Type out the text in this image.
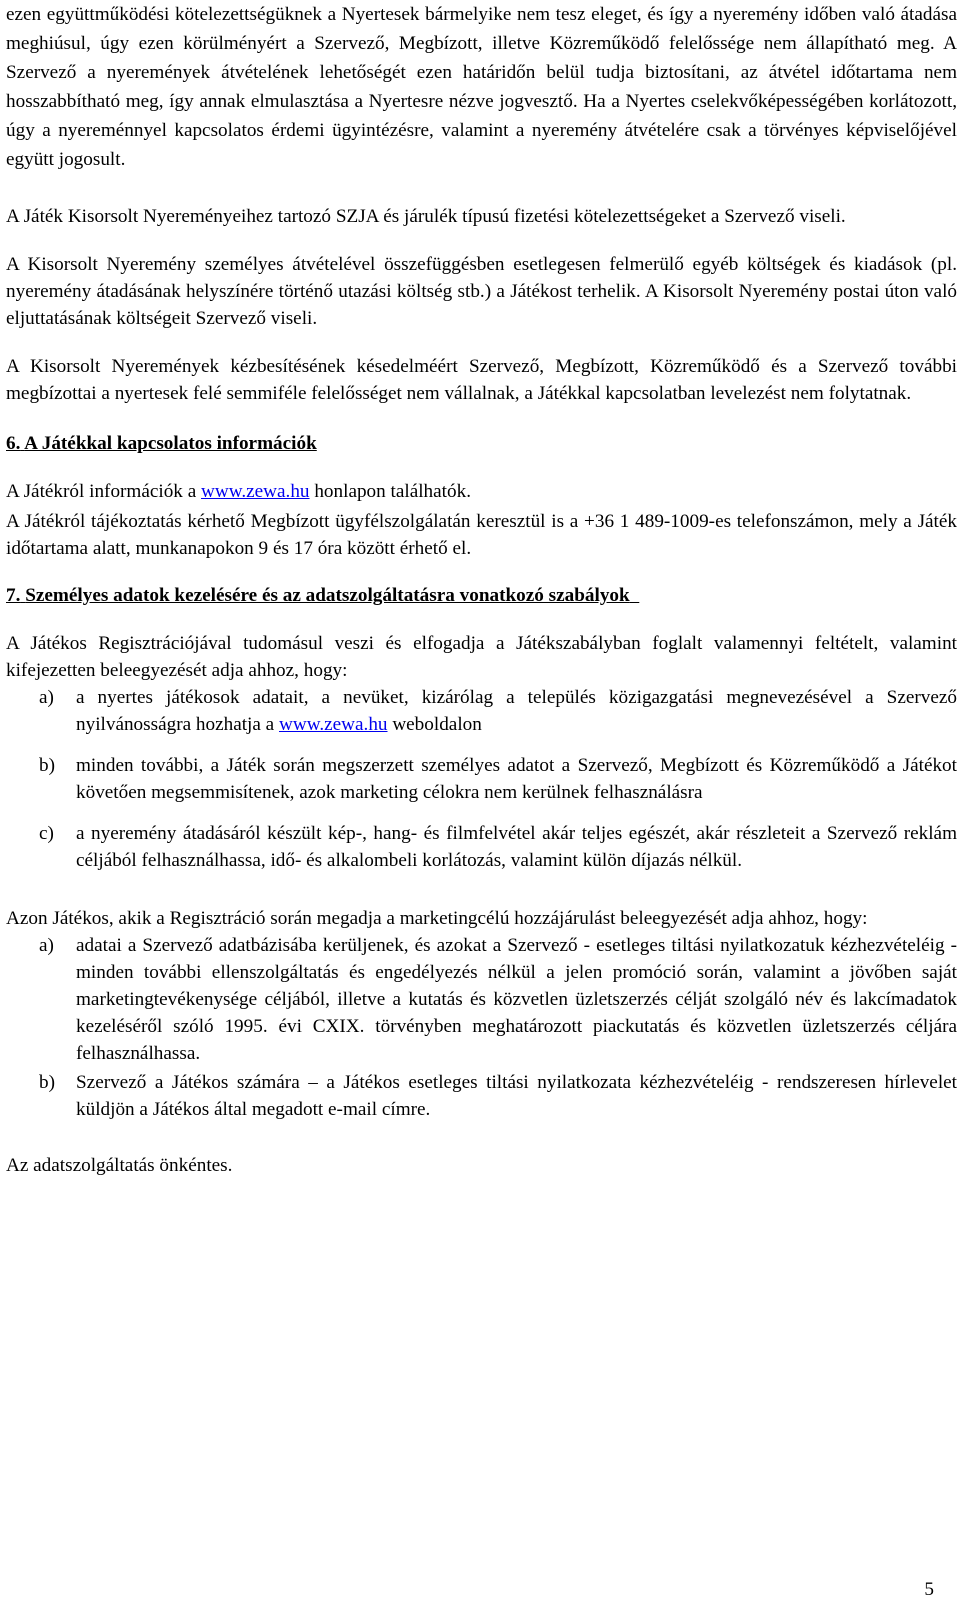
ezen együttműködési kötelezettségüknek a Nyertesek bármelyike nem tesz eleget, és így a nyeremény időben való átadása meghiúsul, úgy ezen körülményért a Szervező, Megbízott, illetve Közreműködő felelőssége nem állapítható meg. A Szervező a nyeremények átvételének lehetőségét ezen határidőn belül tudja biztosítani, az átvétel időtartama nem hosszabbítható meg, így annak elmulasztása a Nyertesre nézve jogvesztő. Ha a Nyertes cselekvőképességében korlátozott, úgy a nyereménnyel kapcsolatos érdemi ügyintézésre, valamint a nyeremény átvételére csak a törvényes képviselőjével együtt jogosult.

A Játék Kisorsolt Nyereményeihez tartozó SZJA és járulék típusú fizetési kötelezettségeket a Szervező viseli.

A Kisorsolt Nyeremény személyes átvételével összefüggésben esetlegesen felmerülő egyéb költségek és kiadások (pl. nyeremény átadásának helyszínére történő utazási költség stb.) a Játékost terhelik. A Kisorsolt Nyeremény postai úton való eljuttatásának költségeit Szervező viseli.

A Kisorsolt Nyeremények kézbesítésének késedelméért Szervező, Megbízott, Közreműködő és a Szervező további megbízottai a nyertesek felé semmiféle felelősséget nem vállalnak, a Játékkal kapcsolatban levelezést nem folytatnak.

6. A Játékkal kapcsolatos információk

A Játékról információk a www.zewa.hu honlapon találhatók.

A Játékról tájékoztatás kérhető Megbízott ügyfélszolgálatán keresztül is a +36 1 489-1009-es telefonszámon, mely a Játék időtartama alatt, munkanapokon 9 és 17 óra között érhető el.

7. Személyes adatok kezelésére és az adatszolgáltatásra vonatkozó szabályok

A Játékos Regisztrációjával tudomásul veszi és elfogadja a Játékszabályban foglalt valamennyi feltételt, valamint kifejezetten beleegyezését adja ahhoz, hogy:

a) a nyertes játékosok adatait, a nevüket, kizárólag a település közigazgatási megnevezésével a Szervező nyilvánosságra hozhatja a www.zewa.hu weboldalon
b) minden további, a Játék során megszerzett személyes adatot a Szervező, Megbízott és Közreműködő a Játékot követően megsemmisítenek, azok marketing célokra nem kerülnek felhasználásra
c) a nyeremény átadásáról készült kép-, hang- és filmfelvétel akár teljes egészét, akár részleteit a Szervező reklám céljából felhasználhassa, idő- és alkalombeli korlátozás, valamint külön díjazás nélkül.

Azon Játékos, akik a Regisztráció során megadja a marketingcélú hozzájárulást beleegyezését adja ahhoz, hogy:

a) adatai a Szervező adatbázisába kerüljenek, és azokat a Szervező - esetleges tiltási nyilatkozatuk kézhezvételéig - minden további ellenszolgáltatás és engedélyezés nélkül a jelen promóció során, valamint a jövőben saját marketingtevékenysége céljából, illetve a kutatás és közvetlen üzletszerzés célját szolgáló név és lakcímadatok kezeléséről szóló 1995. évi CXIX. törvényben meghatározott piackutatás és közvetlen üzletszerzés céljára felhasználhassa.
b) Szervező a Játékos számára – a Játékos esetleges tiltási nyilatkozata kézhezvételéig - rendszeresen hírlevelet küldjön a Játékos által megadott e-mail címre.

Az adatszolgáltatás önkéntes.

5
